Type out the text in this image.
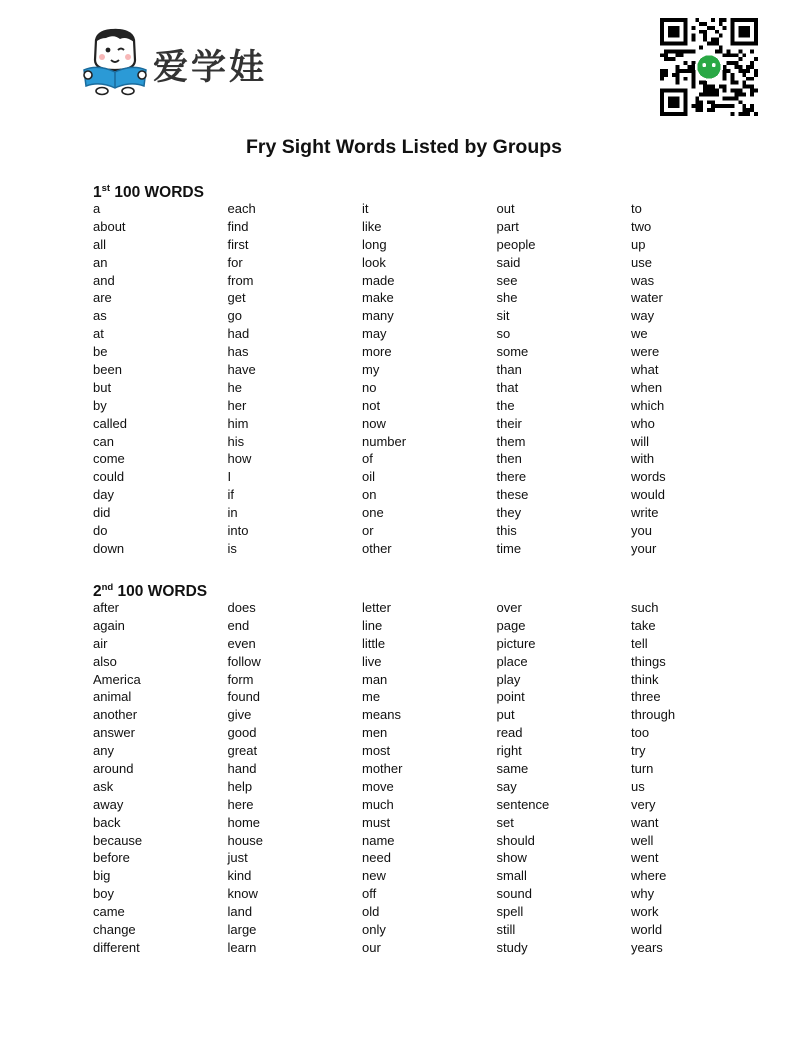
爱学娃
Fry Sight Words Listed by Groups
1st 100 WORDS
a
about
all
an
and
are
as
at
be
been
but
by
called
can
come
could
day
did
do
down
each
find
first
for
from
get
go
had
has
have
he
her
him
his
how
I
if
in
into
is
it
like
long
look
made
make
many
may
more
my
no
not
now
number
of
oil
on
one
or
other
out
part
people
said
see
she
sit
so
some
than
that
the
their
them
then
there
these
they
this
time
to
two
up
use
was
water
way
we
were
what
when
which
who
will
with
words
would
write
you
your
2nd 100 WORDS
after
again
air
also
America
animal
another
answer
any
around
ask
away
back
because
before
big
boy
came
change
different
does
end
even
follow
form
found
give
good
great
hand
help
here
home
house
just
kind
know
land
large
learn
letter
line
little
live
man
me
means
men
most
mother
move
much
must
name
need
new
off
old
only
our
over
page
picture
place
play
point
put
read
right
same
say
sentence
set
should
show
small
sound
spell
still
study
such
take
tell
things
think
three
through
too
try
turn
us
very
want
well
went
where
why
work
world
years
